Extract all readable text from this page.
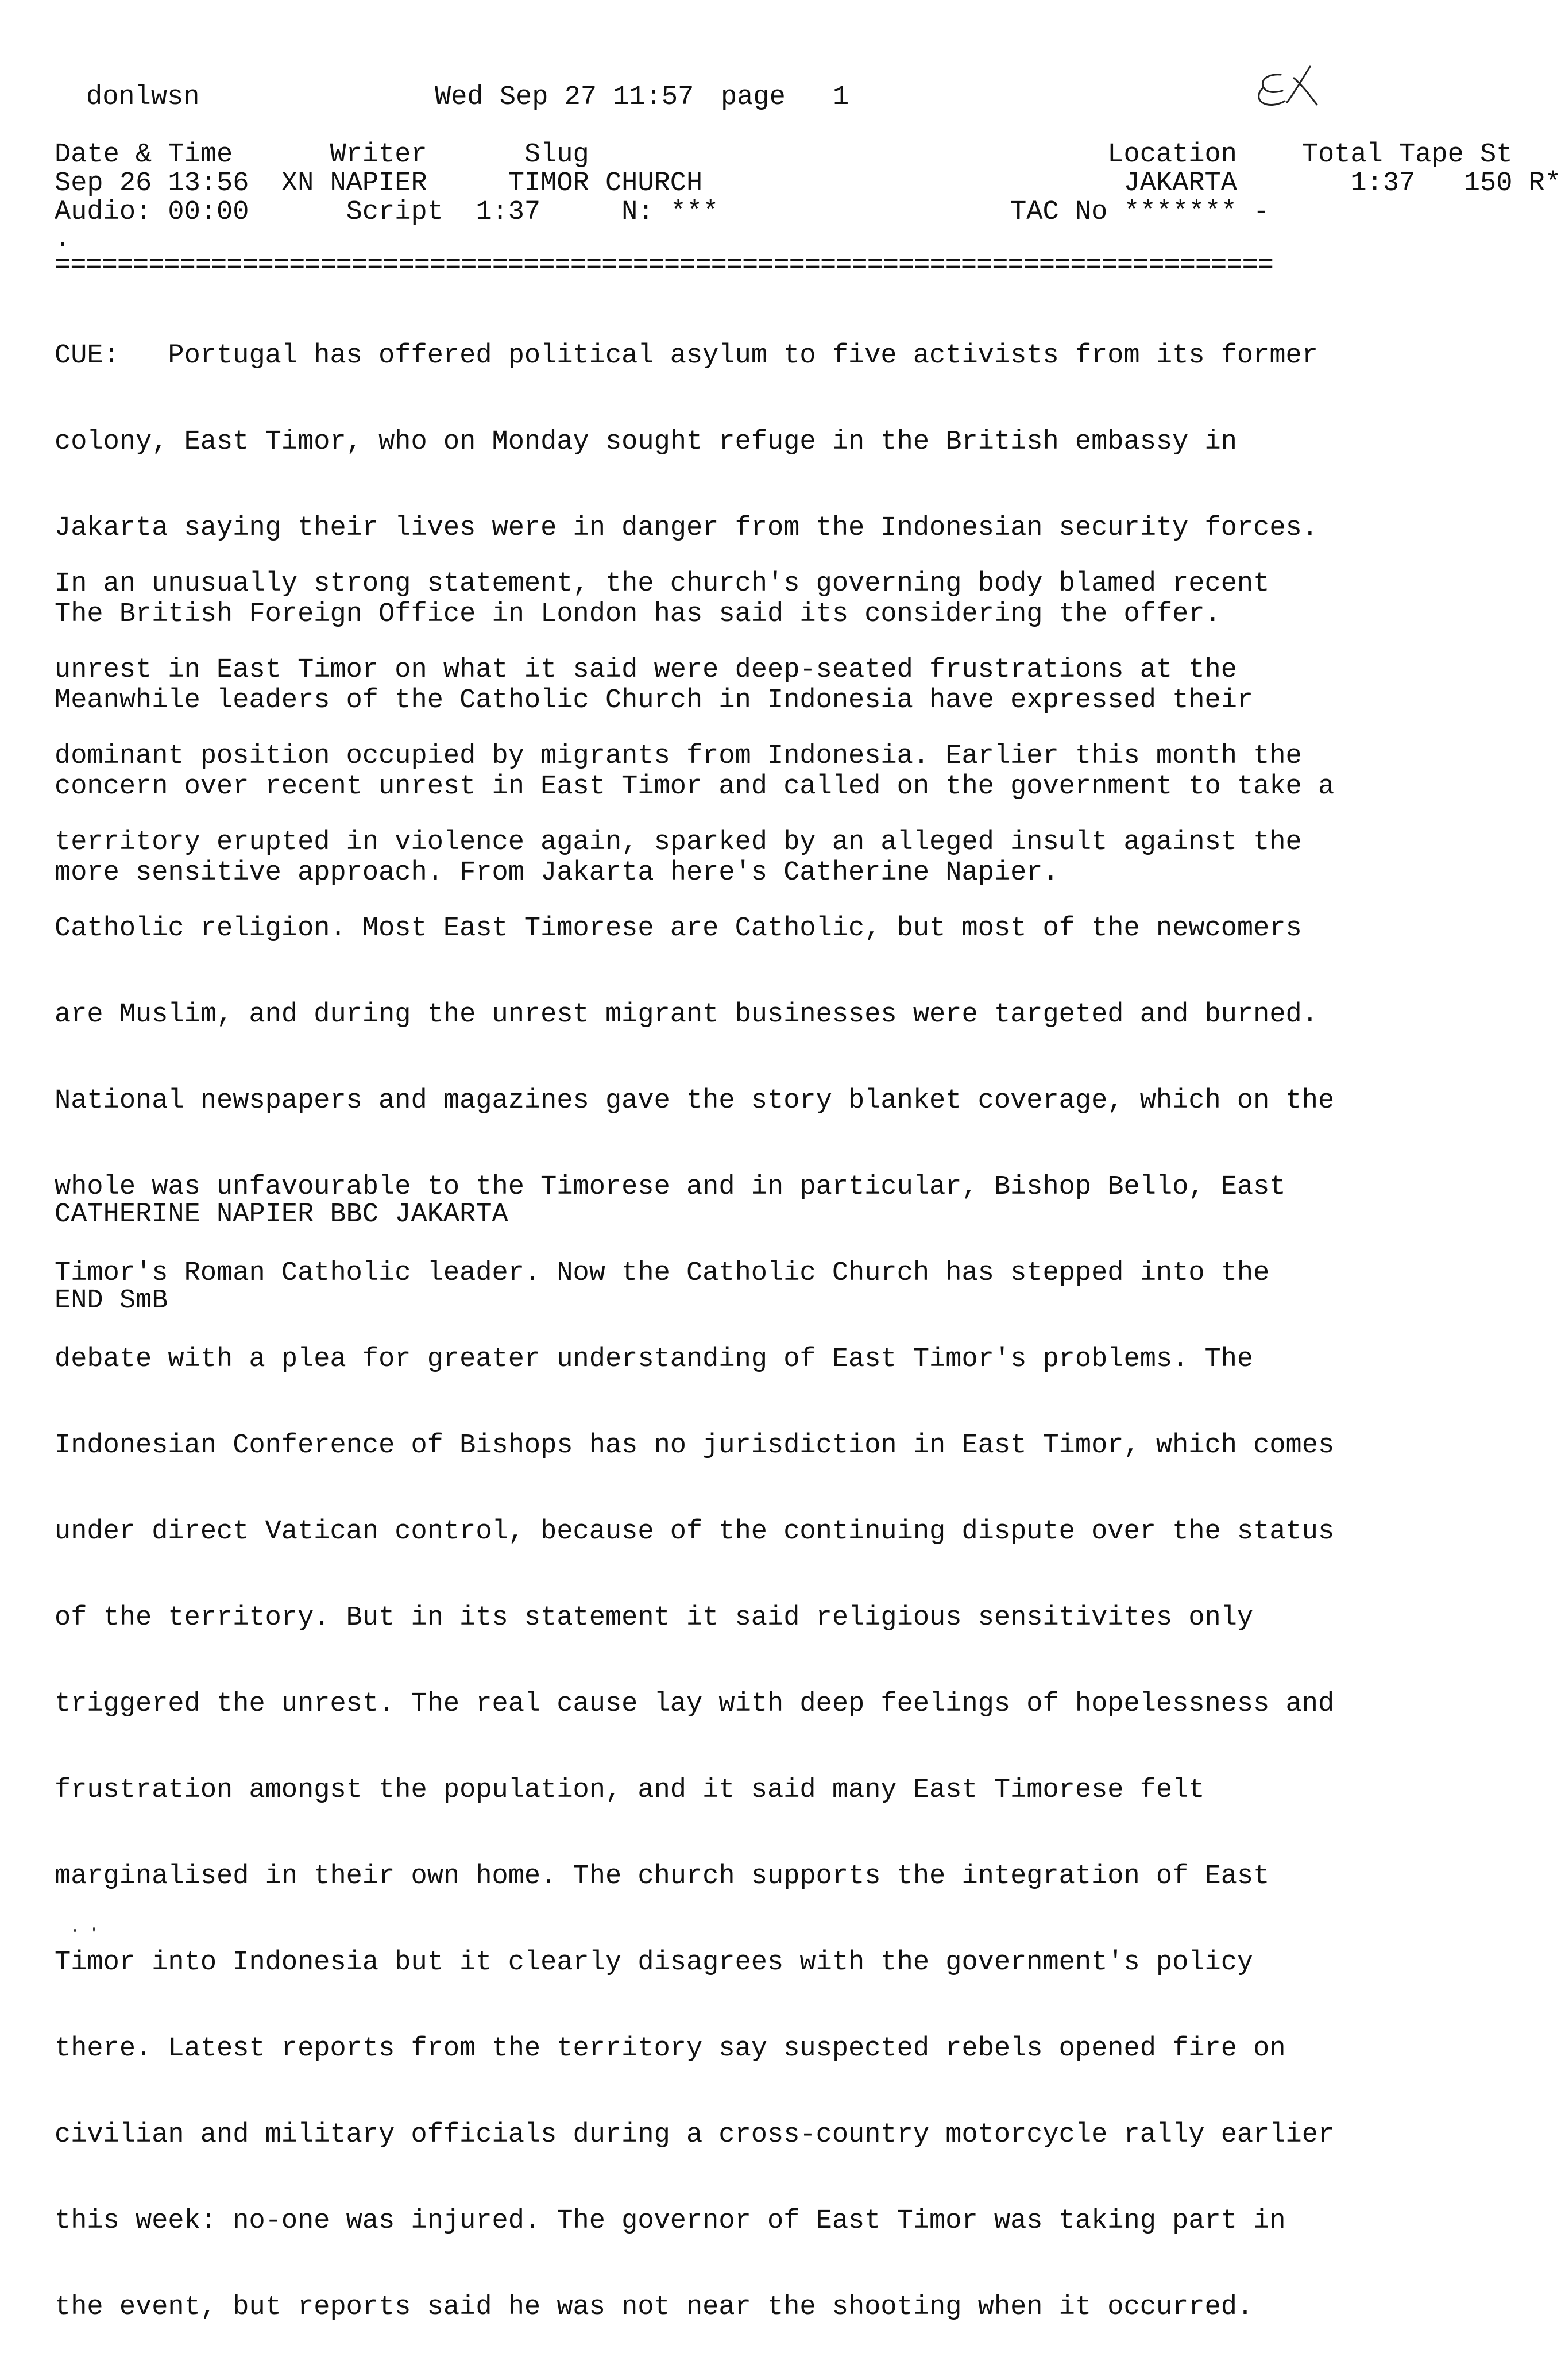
donlwsn	Wed Sep 27 11:57 page 1
Date & Time      Writer      Slug                                Location    Total Tape St
Sep 26 13:56  XN NAPIER     TIMOR CHURCH                          JAKARTA       1:37   150 R*
Audio: 00:00      Script  1:37     N: ***                  TAC No ******* -
.
==============================================================================

CUE:   Portugal has offered political asylum to five activists from its former

colony, East Timor, who on Monday sought refuge in the British embassy in

Jakarta saying their lives were in danger from the Indonesian security forces.

The British Foreign Office in London has said its considering the offer.

Meanwhile leaders of the Catholic Church in Indonesia have expressed their

concern over recent unrest in East Timor and called on the government to take a

more sensitive approach. From Jakarta here's Catherine Napier.

In an unusually strong statement, the church's governing body blamed recent

unrest in East Timor on what it said were deep-seated frustrations at the

dominant position occupied by migrants from Indonesia. Earlier this month the

territory erupted in violence again, sparked by an alleged insult against the

Catholic religion. Most East Timorese are Catholic, but most of the newcomers

are Muslim, and during the unrest migrant businesses were targeted and burned.

National newspapers and magazines gave the story blanket coverage, which on the

whole was unfavourable to the Timorese and in particular, Bishop Bello, East

Timor's Roman Catholic leader. Now the Catholic Church has stepped into the

debate with a plea for greater understanding of East Timor's problems. The

Indonesian Conference of Bishops has no jurisdiction in East Timor, which comes

under direct Vatican control, because of the continuing dispute over the status

of the territory. But in its statement it said religious sensitivites only

triggered the unrest. The real cause lay with deep feelings of hopelessness and

frustration amongst the population, and it said many East Timorese felt

marginalised in their own home. The church supports the integration of East

Timor into Indonesia but it clearly disagrees with the government's policy

there. Latest reports from the territory say suspected rebels opened fire on

civilian and military officials during a cross-country motorcycle rally earlier

this week: no-one was injured. The governor of East Timor was taking part in

the event, but reports said he was not near the shooting when it occurred.

CATHERINE NAPIER BBC JAKARTA

END SmB
